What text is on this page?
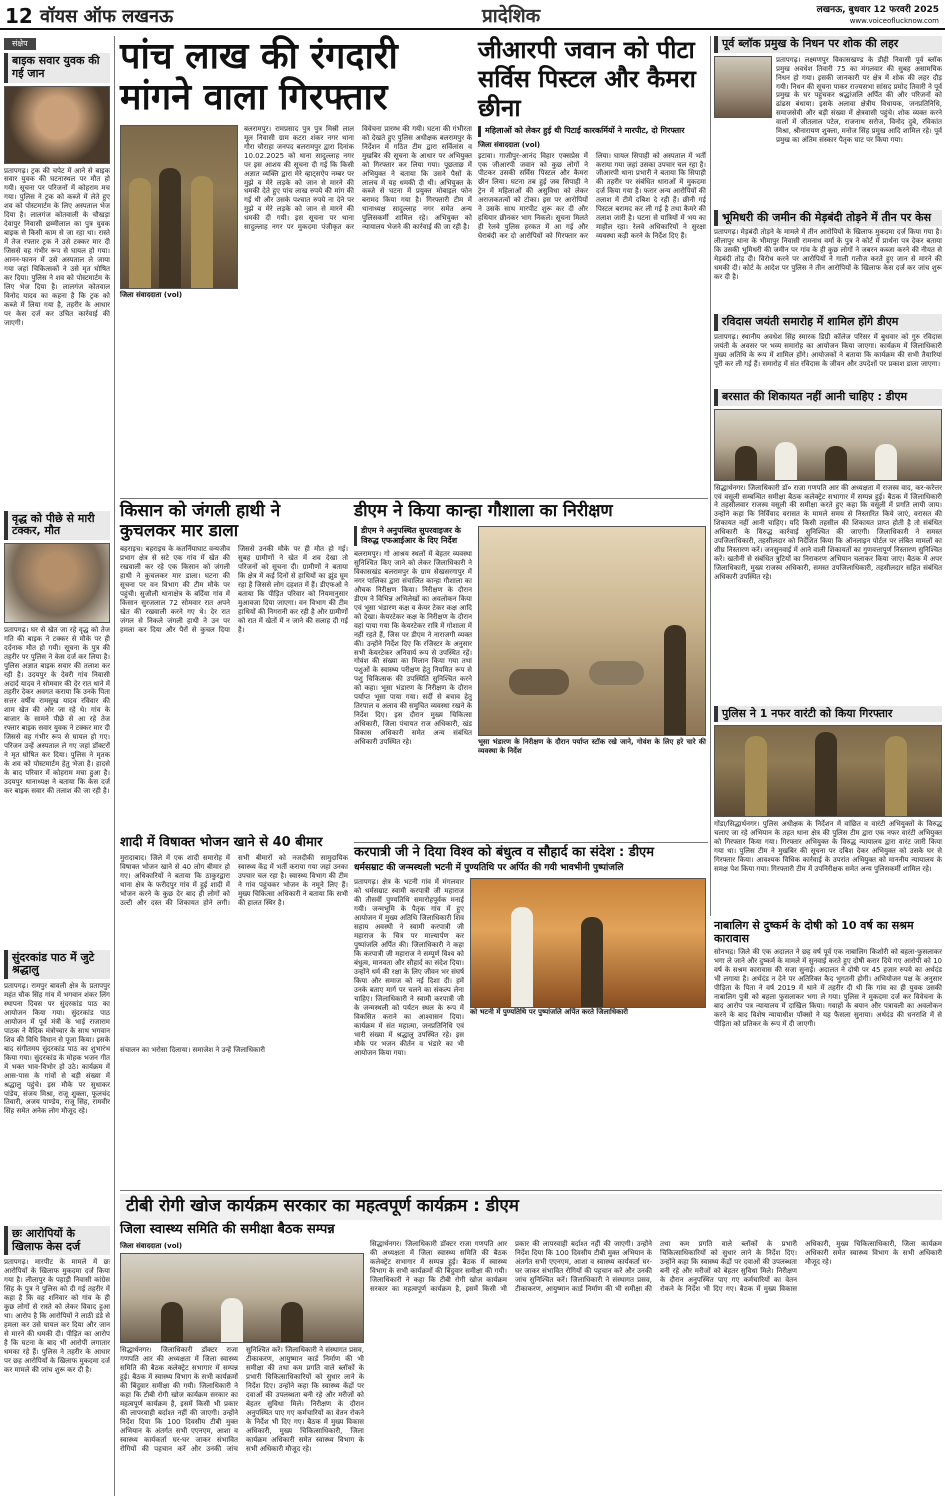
12 वॉयस ऑफ लखनऊ	प्रादेशिक	लखनऊ, बुधवार 12 फरवरी 2025
www.voiceoflucknow.com
संक्षेप
बाइक सवार युवक की गई जान
प्रतापगढ़। ट्रक की चपेट में आने से बाइक सवार युवक की घटनास्थल पर मौत हो गयी। सूचना पर परिजनों में कोहराम मच गया। पुलिस ने ट्रक को कब्जे में लेते हुए शव को पोस्टमार्टम के लिए अस्पताल भेज दिया है। लालगंज कोतवाली के चौखड़ा देवापुर निवासी छम्मीलाल का पुत्र युवक बाइक से किसी काम से जा रहा था। रास्ते में तेज रफ्तार ट्रक ने उसे टक्कर मार दी जिससे वह गंभीर रूप से घायल हो गया। आनन-फानन में उसे अस्पताल ले जाया गया जहां चिकित्सकों ने उसे मृत घोषित कर दिया। पुलिस ने शव को पोस्टमार्टम के लिए भेज दिया है। लालगंज कोतवाल विनोद यादव का कहना है कि ट्रक को कब्जे में लिया गया है, तहरीर के आधार पर केस दर्ज कर उचित कार्रवाई की जाएगी।
वृद्ध को पीछे से मारी टक्कर, मौत
प्रतापगढ़। घर से खेत जा रहे वृद्ध को तेज गति की बाइक ने टक्कर से मौके पर ही दर्दनाक मौत हो गयी। सूचना के पुत्र की तहरीर पर पुलिस ने केस दर्ज कर लिया है। पुलिस अज्ञात बाइक सवार की तलाश कर रही है। उदयपुर के देवरी गांव निवासी अदार्द यादव ने सोमवार की देर रात थाने में तहरीर देकर अवगत कराया कि उनके पिता सत्तर वर्षीय रामसुख यादव रविवार की शाम खेत की ओर जा रहे थे। गांव के बाजार के सामने पीछे से आ रहे तेज रफ्तार बाइक सवार युवक ने टक्कर मार दी जिससे वह गंभीर रूप से घायल हो गए। परिजन उन्हें अस्पताल ले गए जहां डॉक्टरों ने मृत घोषित कर दिया। पुलिस ने मृतक के शव को पोस्टमार्टम हेतु भेजा है। हादसे के बाद परिवार में कोहराम मचा हुआ है। उदयपुर थानाध्यक्ष ने बताया कि केस दर्ज कर बाइक सवार की तलाश की जा रही है।
सुंदरकांड पाठ में जुटे श्रद्धालु
प्रतापगढ़। रामपुर बावली क्षेत्र के प्रतापपुर महंत चौक सिंह गांव में भगवान शंकर लिंग स्थापना दिवस पर सुंदरकांड पाठ का आयोजन किया गया। सुंदरकांड पाठ आयोजन में पूर्व मंत्री के भाई राजाराम पाठक ने वैदिक मंत्रोच्चार के साथ भगवान शिव की विधि विधान से पूजा किया। इसके बाद संगीतमय सुंदरकांड पाठ का शुभारंभ किया गया। सुंदरकांड के मोहक भजन गीत में भक्त भाव-विभोर हो उठे। कार्यक्रम में आस-पास के गांवों से बड़ी संख्या में श्रद्धालु पहुंचे। इस मौके पर सुधाकर पांडेय, संजय मिश्रा, राजू शुक्ला, फूलचंद तिवारी, अजय पाण्डेय, राजू सिंह, रामवीर सिंह समेत अनेक लोग मौजूद रहे।
छः आरोपियों के खिलाफ केस दर्ज
प्रतापगढ़। मारपीट के मामले में छः आरोपियों के खिलाफ मुकदमा दर्ज किया गया है। लीलापुर के पहाड़ी निवासी कांग्रेस सिंह के पुत्र ने पुलिस को दी गई तहरीर में कहा है कि वह शनिवार को गांव के ही कुछ लोगों से रास्ते को लेकर विवाद हुआ था। आरोप है कि आरोपियों ने लाठी डंडे से हमला कर उसे घायल कर दिया और जान से मारने की धमकी दी। पीड़ित का आरोप है कि घटना के बाद भी आरोपी लगातार धमका रहे हैं। पुलिस ने तहरीर के आधार पर छह आरोपियों के खिलाफ मुकदमा दर्ज कर मामले की जांच शुरू कर दी है।
पांच लाख की रंगदारी
मांगने वाला गिरफ्तार
जिला संवाददाता (vol)
बलरामपुर। रामप्रसाद पुत्र पुत्र मिस्री लाल मूल निवासी ग्राम कटरा शंकर नगर थाना गौरा चौराहा जनपद बलरामपुर द्वारा दिनांक 10.02.2025 को थाना सादुल्लाह नगर पर इस आशय की सूचना दी गई कि किसी अज्ञात व्यक्ति द्वारा मेरे व्हाट्सऐप नम्बर पर मुझे व मेरे लड़के को जान से मारने की धमकी देते हुए पांच लाख रुपये की मांग की गई थी और उसके पश्चात रुपये ना देने पर मुझे व मेरे लड़के को जान से मारने की धमकी दी गयी। इस सूचना पर थाना सादुल्लाह नगर पर मुकदमा पंजीकृत कर विवेचना प्रारम्भ की गयी। घटना की गंभीरता को देखते हुए पुलिस अधीक्षक बलरामपुर के निर्देशन में गठित टीम द्वारा सर्विलांस व मुखबिर की सूचना के आधार पर अभियुक्त को गिरफ्तार कर लिया गया। पूछताछ में अभियुक्त ने बताया कि उसने पैसों के लालच में यह धमकी दी थी। अभियुक्त के कब्जे से घटना में प्रयुक्त मोबाइल फोन बरामद किया गया है। गिरफ्तारी टीम में थानाध्यक्ष सादुल्लाह नगर समेत अन्य पुलिसकर्मी शामिल रहे। अभियुक्त को न्यायालय भेजने की कार्रवाई की जा रही है।
जीआरपी जवान को पीटा सर्विस पिस्टल और कैमरा छीना
महिलाओं को लेकर हुई थी पिटाई कारकर्मियों ने मारपीट, दो गिरफ्तार
जिला संवाददाता (vol)
इटावा। गाजीपुर-आनंद विहार एक्सप्रेस में एक जीआरपी जवान को कुछ लोगों ने पीटकर उसकी सर्विस पिस्टल और कैमरा छीन लिया। घटना तब हुई जब सिपाही ने ट्रेन में महिलाओं की असुविधा को लेकर अराजकतत्वों को टोका। इस पर आरोपियों ने उसके साथ मारपीट शुरू कर दी और हथियार छीनकर भाग निकले। सूचना मिलते ही रेलवे पुलिस हरकत में आ गई और घेराबंदी कर दो आरोपियों को गिरफ्तार कर लिया। घायल सिपाही को अस्पताल में भर्ती कराया गया जहां उसका उपचार चल रहा है। जीआरपी थाना प्रभारी ने बताया कि सिपाही की तहरीर पर संबंधित धाराओं में मुकदमा दर्ज किया गया है। फरार अन्य आरोपियों की तलाश में टीमें दबिश दे रही हैं। छीनी गई पिस्टल बरामद कर ली गई है तथा कैमरे की तलाश जारी है। घटना से यात्रियों में भय का माहौल रहा। रेलवे अधिकारियों ने सुरक्षा व्यवस्था कड़ी करने के निर्देश दिए हैं।
पूर्व ब्लॉक प्रमुख के निधन पर शोक की लहर
प्रतापगढ़। लक्ष्मणपुर विकासखण्ड के डीही निवासी पूर्व ब्लॉक प्रमुख अवधेश तिवारी 75 का मंगलवार की सुबह असामयिक निधन हो गया। इसकी जानकारी पर क्षेत्र में शोक की लहर दौड़ गयी। निधन की सूचना पाकर राज्यसभा सांसद प्रमोद तिवारी ने पूर्व प्रमुख के घर पहुंचकर श्रद्धांजलि अर्पित की और परिजनों को ढांढस बंधाया। इसके अलावा क्षेत्रीय विधायक, जनप्रतिनिधि, समाजसेवी और बड़ी संख्या में क्षेत्रवासी पहुंचे। शोक व्यक्त करने वालों में जीतलाल पटेल, राजनाथ सरोज, विनोद दुबे, रविकांत मिश्रा, श्रीनारायण शुक्ला, मनोज सिंह प्रमुख आदि शामिल रहे। पूर्व प्रमुख का अंतिम संस्कार पैतृक घाट पर किया गया।
भूमिधरी की जमीन की मेड़बंदी तोड़ने में तीन पर केस
प्रतापगढ़। मेड़बंदी तोड़ने के मामले में तीन आरोपियों के खिलाफ मुकदमा दर्ज किया गया है। लीलापुर थाना के भीमापुर निवासी रामनाथ वर्मा के पुत्र ने कोर्ट में प्रार्थना पत्र देकर बताया कि उसकी भूमिधरी की जमीन पर गांव के ही कुछ लोगों ने जबरन कब्जा करने की नीयत से मेड़बंदी तोड़ दी। विरोध करने पर आरोपियों ने गाली गलौज करते हुए जान से मारने की धमकी दी। कोर्ट के आदेश पर पुलिस ने तीन आरोपियों के खिलाफ केस दर्ज कर जांच शुरू कर दी है।
रविदास जयंती समारोह में शामिल होंगे डीएम
प्रतापगढ़। स्थानीय अवधेश सिंह स्मारक डिग्री कॉलेज परिसर में बुधवार को गुरु रविदास जयंती के अवसर पर भव्य समारोह का आयोजन किया जाएगा। कार्यक्रम में जिलाधिकारी मुख्य अतिथि के रूप में शामिल होंगे। आयोजकों ने बताया कि कार्यक्रम की सभी तैयारियां पूरी कर ली गई हैं। समारोह में संत रविदास के जीवन और उपदेशों पर प्रकाश डाला जाएगा।
बरसात की शिकायत नहीं आनी चाहिए : डीएम
सिद्धार्थनगर। जिलाधिकारी डॉ० राजा गणपति आर की अध्यक्षता में राजस्व वाद, कर-करेत्तर एवं वसूली सम्बन्धित समीक्षा बैठक कलेक्ट्रेट सभागार में सम्पन्न हुई। बैठक में जिलाधिकारी ने तहसीलवार राजस्व वसूली की समीक्षा करते हुए कहा कि वसूली में प्रगति लायी जाय। उन्होंने कहा कि निर्विवाद वरासत के मामले समय से निस्तारित किये जाएं, वरासत की शिकायत नहीं आनी चाहिए। यदि किसी तहसील की शिकायत प्राप्त होती है तो संबंधित अधिकारी के विरुद्ध कार्रवाई सुनिश्चित की जाएगी। जिलाधिकारी ने समस्त उपजिलाधिकारी, तहसीलदार को निर्देशित किया कि ऑनलाइन पोर्टल पर लंबित मामलों का शीघ्र निस्तारण करें। जनसुनवाई में आने वाली शिकायतों का गुणवत्तापूर्ण निस्तारण सुनिश्चित करें। खतौनी से संबंधित त्रुटियों का निराकरण अभियान चलाकर किया जाए। बैठक में अपर जिलाधिकारी, मुख्य राजस्व अधिकारी, समस्त उपजिलाधिकारी, तहसीलदार सहित संबंधित अधिकारी उपस्थित रहे।
पुलिस ने 1 नफर वारंटी को किया गिरफ्तार
गोंडा/सिद्धार्थनगर। पुलिस अधीक्षक के निर्देशन में वांछित व वारंटी अभियुक्तों के विरुद्ध चलाए जा रहे अभियान के तहत थाना क्षेत्र की पुलिस टीम द्वारा एक नफर वारंटी अभियुक्त को गिरफ्तार किया गया। गिरफ्तार अभियुक्त के विरुद्ध न्यायालय द्वारा वारंट जारी किया गया था। पुलिस टीम ने मुखबिर की सूचना पर दबिश देकर अभियुक्त को उसके घर से गिरफ्तार किया। आवश्यक विधिक कार्रवाई के उपरांत अभियुक्त को माननीय न्यायालय के समक्ष पेश किया गया। गिरफ्तारी टीम में उपनिरीक्षक समेत अन्य पुलिसकर्मी शामिल रहे।
किसान को जंगली हाथी ने
कुचलकर मार डाला
बहराइच। बहराइच के कतर्नियाघाट वन्यजीव प्रभाग क्षेत्र से सटे एक गांव में खेत की रखवाली कर रहे एक किसान को जंगली हाथी ने कुचलकर मार डाला। घटना की सूचना पर वन विभाग की टीम मौके पर पहुंची। सुजौली थानाक्षेत्र के बर्दिया गांव में किसान सुरजलाल 72 सोमवार रात अपने खेत की रखवाली करने गए थे। देर रात जंगल से निकले जंगली हाथी ने उन पर हमला कर दिया और पैरों से कुचल दिया जिससे उनकी मौके पर ही मौत हो गई। सुबह ग्रामीणों ने खेत में शव देखा तो परिजनों को सूचना दी। ग्रामीणों ने बताया कि क्षेत्र में कई दिनों से हाथियों का झुंड घूम रहा है जिससे लोग दहशत में हैं। डीएफओ ने बताया कि पीड़ित परिवार को नियमानुसार मुआवजा दिया जाएगा। वन विभाग की टीम हाथियों की निगरानी कर रही है और ग्रामीणों को रात में खेतों में न जाने की सलाह दी गई है।
शादी में विषाक्त भोजन खाने से 40 बीमार
मुरादाबाद। जिले में एक शादी समारोह में विषाक्त भोजन खाने से 40 लोग बीमार हो गए। अधिकारियों ने बताया कि ठाकुरद्वारा थाना क्षेत्र के फरीदपुर गांव में हुई शादी में भोजन करने के कुछ देर बाद ही लोगों को उल्टी और दस्त की शिकायत होने लगी। सभी बीमारों को नजदीकी सामुदायिक स्वास्थ्य केंद्र में भर्ती कराया गया जहां उनका उपचार चल रहा है। स्वास्थ्य विभाग की टीम ने गांव पहुंचकर भोजन के नमूने लिए हैं। मुख्य चिकित्सा अधिकारी ने बताया कि सभी की हालत स्थिर है।
डीएम ने किया कान्हा गौशाला का निरीक्षण
डीएम ने अनुपस्थित सुपरवाइजर के विरुद्ध एफआईआर के दिए निर्देश
बलरामपुर। गो आश्रय स्थलों में बेहतर व्यवस्था सुनिश्चित किए जाने को लेकर जिलाधिकारी ने विकासखंड बलरामपुर के ग्राम सेखसरगापुर में नगर पालिका द्वारा संचालित कान्हा गौशाला का औचक निरीक्षण किया। निरीक्षण के दौरान डीएम ने विभिन्न अभिलेखों का अवलोकन किया एवं भूसा भंडारण कक्ष व केयर टेकर कक्ष आदि को देखा। केयरटेकर कक्ष के निरीक्षण के दौरान वहां पाया गया कि केयरटेकर रात्रि में गोशाला में नहीं रहते हैं, जिस पर डीएम ने नाराजगी व्यक्त की। उन्होंने निर्देश दिए कि रजिस्टर के अनुसार सभी केयरटेकर अनिवार्य रूप से उपस्थित रहें। गोवंश की संख्या का मिलान किया गया तथा पशुओं के स्वास्थ्य परीक्षण हेतु नियमित रूप से पशु चिकित्सक की उपस्थिति सुनिश्चित करने को कहा। भूसा भंडारण के निरीक्षण के दौरान पर्याप्त भूसा पाया गया। सर्दी से बचाव हेतु तिरपाल व अलाव की समुचित व्यवस्था रखने के निर्देश दिए। इस दौरान मुख्य चिकित्सा अधिकारी, जिला पंचायत राज अधिकारी, खंड विकास अधिकारी समेत अन्य संबंधित अधिकारी उपस्थित रहे।	भूसा भंडारण के निरीक्षण के दौरान पर्याप्त स्टॉक रखे जाने, गोवंश के लिए हरे चारे की व्यवस्था के निर्देश
करपात्री जी ने दिया विश्व को बंधुत्व व सौहार्द का संदेश : डीएम
धर्मसम्राट की जन्मस्थली भटनी में पुण्यतिथि पर अर्पित की गयी भावभीनी पुष्पांजलि
प्रतापगढ़। क्षेत्र के भटनी गांव में मंगलवार को धर्मसम्राट स्वामी करपात्री जी महाराज की तीसवीं पुण्यतिथि समारोहपूर्वक मनाई गयी। जन्मभूमि के पैतृक गांव में हुए आयोजन में मुख्य अतिथि जिलाधिकारी शिव सहाय अवस्थी ने स्वामी करपात्री जी महाराज के चित्र पर माल्यार्पण कर पुष्पांजलि अर्पित की। जिलाधिकारी ने कहा कि करपात्री जी महाराज ने सम्पूर्ण विश्व को बंधुत्व, मानवता और सौहार्द का संदेश दिया। उन्होंने धर्म की रक्षा के लिए जीवन भर संघर्ष किया और समाज को नई दिशा दी। हमें उनके बताए मार्ग पर चलने का संकल्प लेना चाहिए। जिलाधिकारी ने स्वामी करपात्री जी के जन्मस्थली को पर्यटन स्थल के रूप में विकसित कराने का आश्वासन दिया। कार्यक्रम में संत महात्मा, जनप्रतिनिधि एवं भारी संख्या में श्रद्धालु उपस्थित रहे। इस मौके पर भजन कीर्तन व भंडारे का भी आयोजन किया गया।
को भटनी में पुण्यतिथि पर पुष्पांजलि अर्पित करते जिलाधिकारी
नाबालिग से दुष्कर्म के दोषी को 10 वर्ष का सश्रम कारावास
सोनभद्र। जिले की एक अदालत ने छह वर्ष पूर्व एक नाबालिग किशोरी को बहला-फुसलाकर भगा ले जाने और दुष्कर्म के मामले में सुनवाई करते हुए दोषी करार दिये गए आरोपी को 10 वर्ष के सश्रम कारावास की सजा सुनाई। अदालत ने दोषी पर 45 हजार रुपये का अर्थदंड भी लगाया है। अर्थदंड न देने पर अतिरिक्त कैद भुगतनी होगी। अभियोजन पक्ष के अनुसार पीड़िता के पिता ने वर्ष 2019 में थाने में तहरीर दी थी कि गांव का ही युवक उसकी नाबालिग पुत्री को बहला फुसलाकर भगा ले गया। पुलिस ने मुकदमा दर्ज कर विवेचना के बाद आरोप पत्र न्यायालय में दाखिल किया। गवाहों के बयान और पत्रावली का अवलोकन करने के बाद विशेष न्यायाधीश पॉक्सो ने यह फैसला सुनाया। अर्थदंड की धनराशि में से पीड़िता को प्रतिकर के रूप में दी जाएगी।
संचालन का भरोसा दिलाया। समाजेश ने उन्हें जिलाधिकारी
टीबी रोगी खोज कार्यक्रम सरकार का महत्वपूर्ण कार्यक्रम : डीएम
जिला स्वास्थ्य समिति की समीक्षा बैठक सम्पन्न
जिला संवाददाता (vol)
सिद्धार्थनगर। जिलाधिकारी डॉक्टर राजा गणपति आर की अध्यक्षता में जिला स्वास्थ्य समिति की बैठक कलेक्ट्रेट सभागार में सम्पन्न हुई। बैठक में स्वास्थ्य विभाग के सभी कार्यक्रमों की बिंदुवार समीक्षा की गयी। जिलाधिकारी ने कहा कि टीबी रोगी खोज कार्यक्रम सरकार का महत्वपूर्ण कार्यक्रम है, इसमें किसी भी प्रकार की लापरवाही बर्दाश्त नहीं की जाएगी। उन्होंने निर्देश दिया कि 100 दिवसीय टीबी मुक्त अभियान के अंतर्गत सभी एएनएम, आशा व स्वास्थ्य कार्यकर्ता घर-घर जाकर संभावित रोगियों की पहचान करें और उनकी जांच सुनिश्चित करें। जिलाधिकारी ने संस्थागत प्रसव, टीकाकरण, आयुष्मान कार्ड निर्माण की भी समीक्षा की तथा कम प्रगति वाले ब्लॉकों के प्रभारी चिकित्साधिकारियों को सुधार लाने के निर्देश दिए। उन्होंने कहा कि स्वास्थ्य केंद्रों पर दवाओं की उपलब्धता बनी रहे और मरीजों को बेहतर सुविधा मिले। निरीक्षण के दौरान अनुपस्थित पाए गए कर्मचारियों का वेतन रोकने के निर्देश भी दिए गए। बैठक में मुख्य विकास अधिकारी, मुख्य चिकित्साधिकारी, जिला कार्यक्रम अधिकारी समेत स्वास्थ्य विभाग के सभी अधिकारी मौजूद रहे।
सिद्धार्थनगर। जिलाधिकारी डॉक्टर राजा गणपति आर की अध्यक्षता में जिला स्वास्थ्य समिति की बैठक कलेक्ट्रेट सभागार में सम्पन्न हुई। बैठक में स्वास्थ्य विभाग के सभी कार्यक्रमों की बिंदुवार समीक्षा की गयी। जिलाधिकारी ने कहा कि टीबी रोगी खोज कार्यक्रम सरकार का महत्वपूर्ण कार्यक्रम है, इसमें किसी भी प्रकार की लापरवाही बर्दाश्त नहीं की जाएगी। उन्होंने निर्देश दिया कि 100 दिवसीय टीबी मुक्त अभियान के अंतर्गत सभी एएनएम, आशा व स्वास्थ्य कार्यकर्ता घर-घर जाकर संभावित रोगियों की पहचान करें और उनकी जांच सुनिश्चित करें। जिलाधिकारी ने संस्थागत प्रसव, टीकाकरण, आयुष्मान कार्ड निर्माण की भी समीक्षा की तथा कम प्रगति वाले ब्लॉकों के प्रभारी चिकित्साधिकारियों को सुधार लाने के निर्देश दिए। उन्होंने कहा कि स्वास्थ्य केंद्रों पर दवाओं की उपलब्धता बनी रहे और मरीजों को बेहतर सुविधा मिले। निरीक्षण के दौरान अनुपस्थित पाए गए कर्मचारियों का वेतन रोकने के निर्देश भी दिए गए। बैठक में मुख्य विकास अधिकारी, मुख्य चिकित्साधिकारी, जिला कार्यक्रम अधिकारी समेत स्वास्थ्य विभाग के सभी अधिकारी मौजूद रहे।
